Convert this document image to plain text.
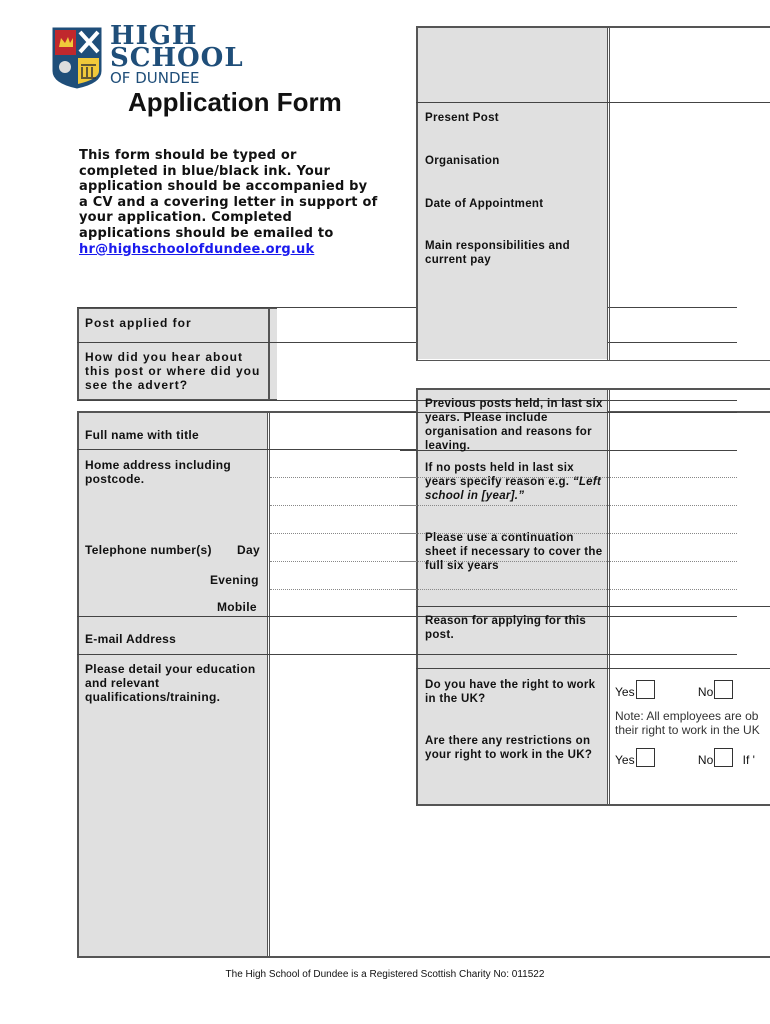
HIGH
SCHOOL
OF DUNDEE
Application Form
This form should be typed or completed in blue/black ink. Your application should be accompanied by a CV and a covering letter in support of your application. Completed applications should be emailed to
hr@highschoolofdundee.org.uk
Post applied for
How did you hear about this post or where did you see the advert?
Full name with title
Home address including postcode.
Telephone number(s) Day
Evening
Mobile
E-mail Address
Please detail your education and relevant qualifications/training.
Present Post
Organisation
Date of Appointment
Main responsibilities and current pay
Previous posts held, in last six years. Please include organisation and reasons for leaving.
If no posts held in last six years specify reason e.g. “Left school in [year].”
Please use a continuation sheet if necessary to cover the full six years
Reason for applying for this post.
Do you have the right to work in the UK?
Are there any restrictions on your right to work in the UK?
Yes	No
Note: All employees are ob their right to work in the UK
Yes	No If '
The High School of Dundee is a Registered Scottish Charity No: 011522
